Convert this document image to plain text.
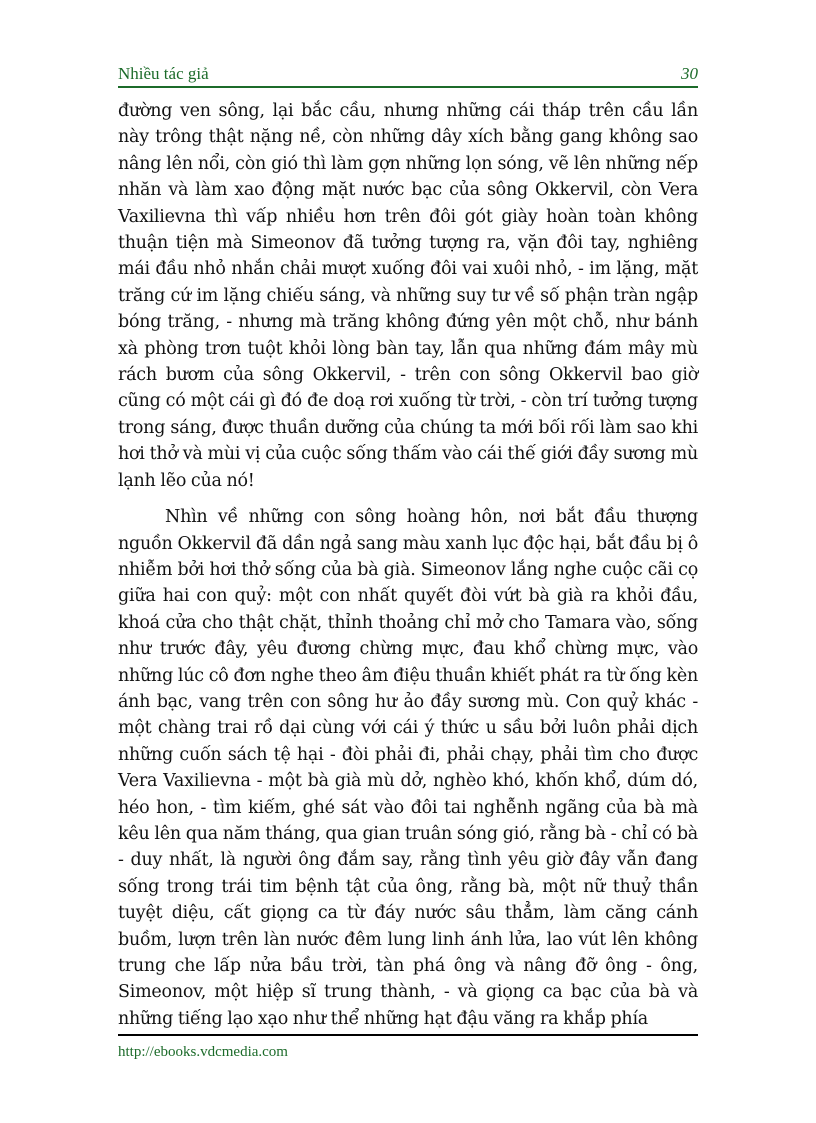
Nhiều tác giả	30

đường ven sông, lại bắc cầu, nhưng những cái tháp trên cầu lần này trông thật nặng nề, còn những dây xích bằng gang không sao nâng lên nổi, còn gió thì làm gợn những lọn sóng, vẽ lên những nếp nhăn và làm xao động mặt nước bạc của sông Okkervil, còn Vera Vaxilievna thì vấp nhiều hơn trên đôi gót giày hoàn toàn không thuận tiện mà Simeonov đã tưởng tượng ra, vặn đôi tay, nghiêng mái đầu nhỏ nhắn chải mượt xuống đôi vai xuôi nhỏ, - im lặng, mặt trăng cứ im lặng chiếu sáng, và những suy tư về số phận tràn ngập bóng trăng, - nhưng mà trăng không đứng yên một chỗ, như bánh xà phòng trơn tuột khỏi lòng bàn tay, lẫn qua những đám mây mù rách bươm của sông Okkervil, - trên con sông Okkervil bao giờ cũng có một cái gì đó đe doạ rơi xuống từ trời, - còn trí tưởng tượng trong sáng, được thuần dưỡng của chúng ta mới bối rối làm sao khi hơi thở và mùi vị của cuộc sống thấm vào cái thế giới đầy sương mù lạnh lẽo của nó!

Nhìn về những con sông hoàng hôn, nơi bắt đầu thượng nguồn Okkervil đã dần ngả sang màu xanh lục độc hại, bắt đầu bị ô nhiễm bởi hơi thở sống của bà già. Simeonov lắng nghe cuộc cãi cọ giữa hai con quỷ: một con nhất quyết đòi vứt bà già ra khỏi đầu, khoá cửa cho thật chặt, thỉnh thoảng chỉ mở cho Tamara vào, sống như trước đây, yêu đương chừng mực, đau khổ chừng mực, vào những lúc cô đơn nghe theo âm điệu thuần khiết phát ra từ ống kèn ánh bạc, vang trên con sông hư ảo đầy sương mù. Con quỷ khác - một chàng trai rồ dại cùng với cái ý thức u sầu bởi luôn phải dịch những cuốn sách tệ hại - đòi phải đi, phải chạy, phải tìm cho được Vera Vaxilievna - một bà già mù dở, nghèo khó, khốn khổ, dúm dó, héo hon, - tìm kiếm, ghé sát vào đôi tai nghễnh ngãng của bà mà kêu lên qua năm tháng, qua gian truân sóng gió, rằng bà - chỉ có bà - duy nhất, là người ông đắm say, rằng tình yêu giờ đây vẫn đang sống trong trái tim bệnh tật của ông, rằng bà, một nữ thuỷ thần tuyệt diệu, cất giọng ca từ đáy nước sâu thẳm, làm căng cánh buồm, lượn trên làn nước đêm lung linh ánh lửa, lao vút lên không trung che lấp nửa bầu trời, tàn phá ông và nâng đỡ ông - ông, Simeonov, một hiệp sĩ trung thành, - và giọng ca bạc của bà và những tiếng lạo xạo như thể những hạt đậu văng ra khắp phía

http://ebooks.vdcmedia.com
